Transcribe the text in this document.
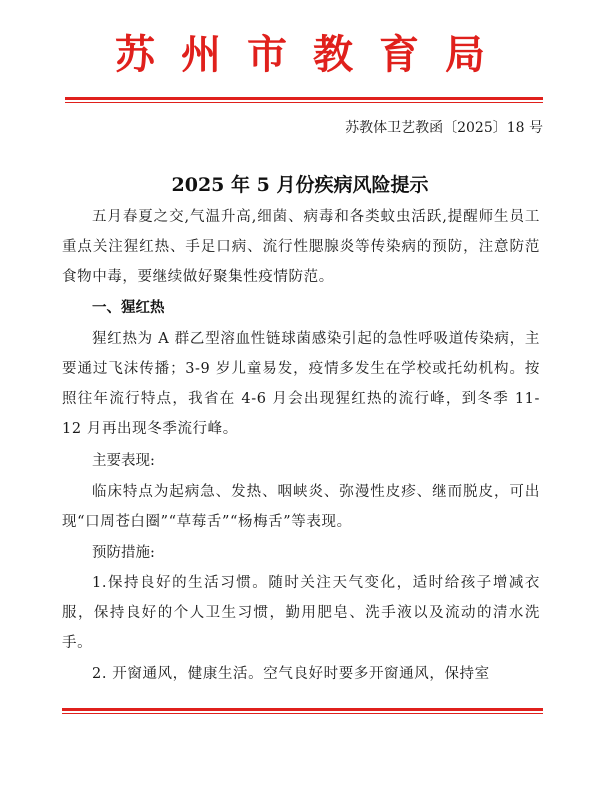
苏州市教育局
苏教体卫艺教函〔2025〕18 号
2025 年 5 月份疾病风险提示
五月春夏之交,气温升高,细菌、病毒和各类蚊虫活跃,提醒师生员工重点关注猩红热、手足口病、流行性腮腺炎等传染病的预防，注意防范食物中毒，要继续做好聚集性疫情防范。
一、猩红热
猩红热为 A 群乙型溶血性链球菌感染引起的急性呼吸道传染病，主要通过飞沫传播；3-9 岁儿童易发，疫情多发生在学校或托幼机构。按照往年流行特点，我省在 4-6 月会出现猩红热的流行峰，到冬季 11-12 月再出现冬季流行峰。
主要表现:
临床特点为起病急、发热、咽峡炎、弥漫性皮疹、继而脱皮，可出现“口周苍白圈”“草莓舌”“杨梅舌”等表现。
预防措施:
1.保持良好的生活习惯。随时关注天气变化，适时给孩子增减衣服，保持良好的个人卫生习惯，勤用肥皂、洗手液以及流动的清水洗手。
2. 开窗通风，健康生活。空气良好时要多开窗通风，保持室
